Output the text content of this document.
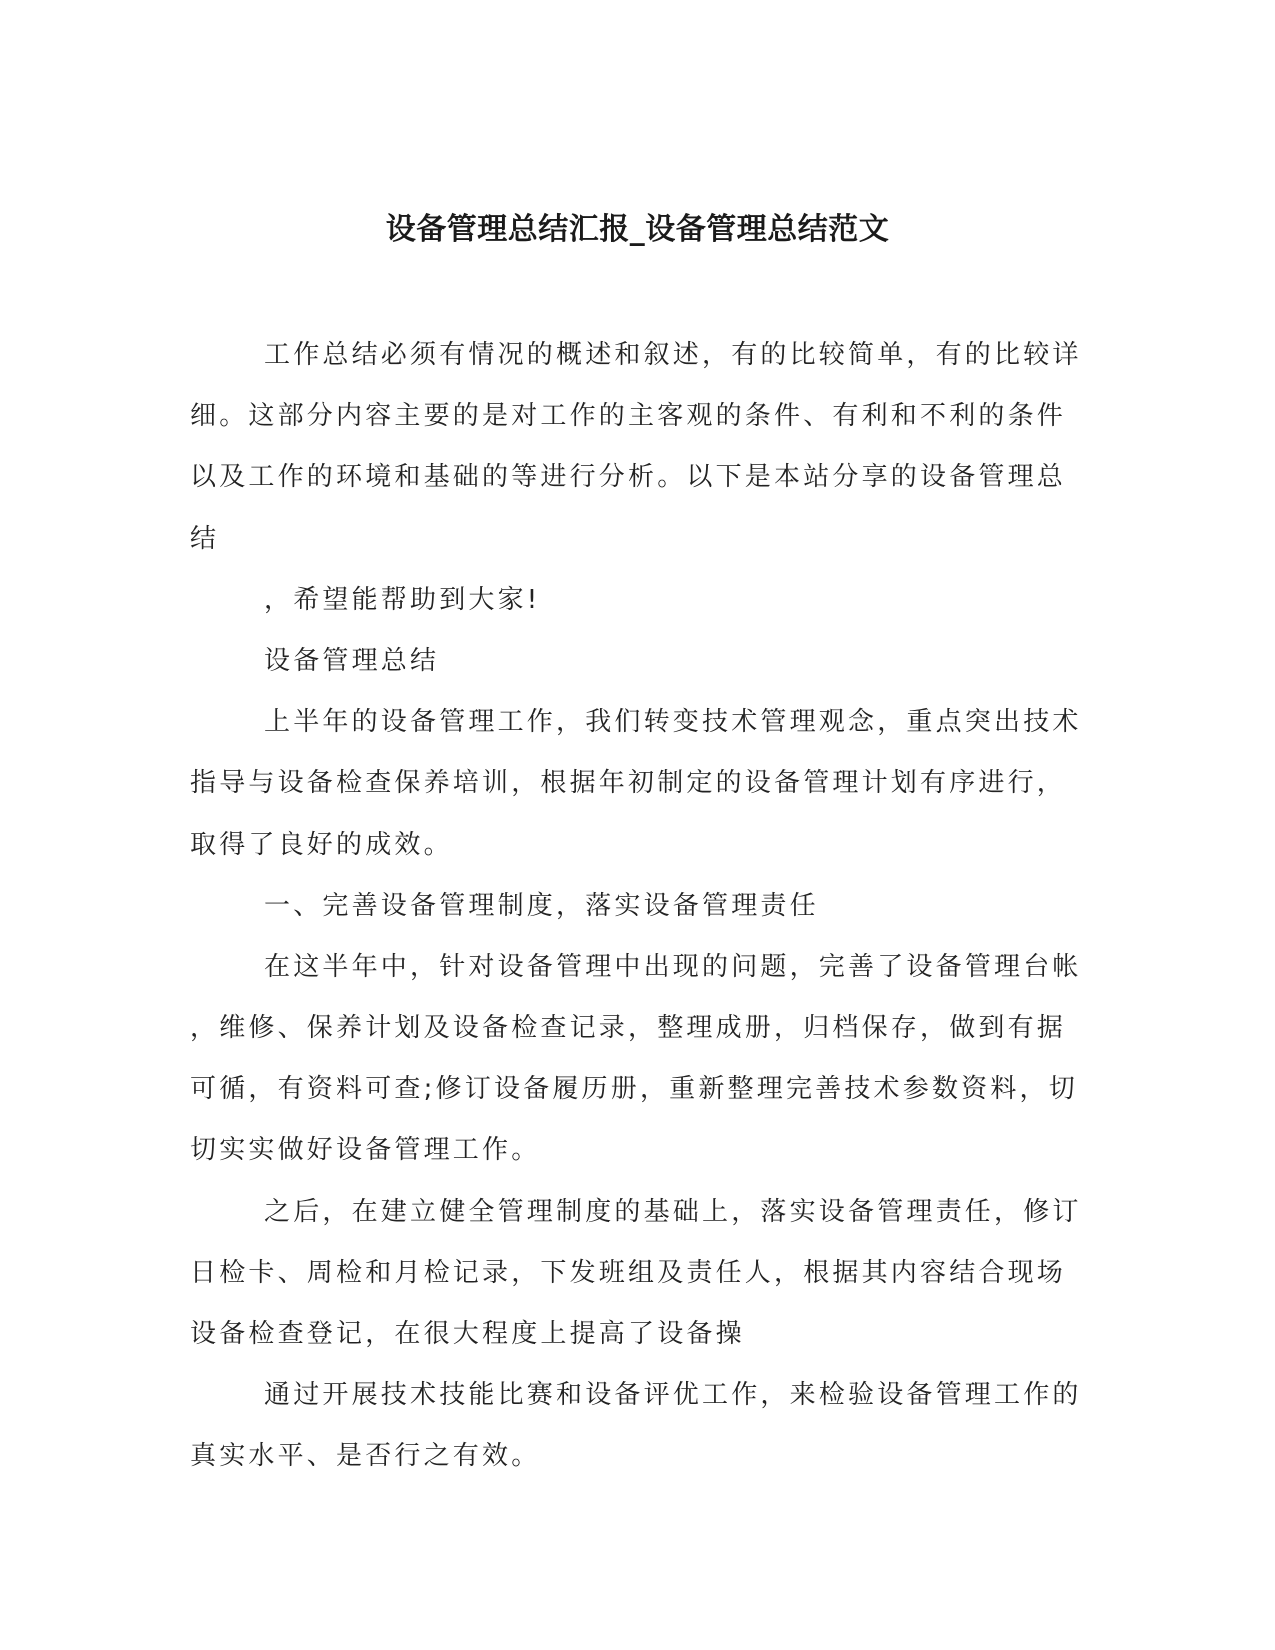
设备管理总结汇报_设备管理总结范文
工作总结必须有情况的概述和叙述，有的比较简单，有的比较详
细。这部分内容主要的是对工作的主客观的条件、有利和不利的条件
以及工作的环境和基础的等进行分析。以下是本站分享的设备管理总
结
，希望能帮助到大家!
设备管理总结
上半年的设备管理工作，我们转变技术管理观念，重点突出技术
指导与设备检查保养培训，根据年初制定的设备管理计划有序进行，
取得了良好的成效。
一、完善设备管理制度，落实设备管理责任
在这半年中，针对设备管理中出现的问题，完善了设备管理台帐
，维修、保养计划及设备检查记录，整理成册，归档保存，做到有据
可循，有资料可查;修订设备履历册，重新整理完善技术参数资料，切
切实实做好设备管理工作。
之后，在建立健全管理制度的基础上，落实设备管理责任，修订
日检卡、周检和月检记录，下发班组及责任人，根据其内容结合现场
设备检查登记，在很大程度上提高了设备操
通过开展技术技能比赛和设备评优工作，来检验设备管理工作的
真实水平、是否行之有效。
